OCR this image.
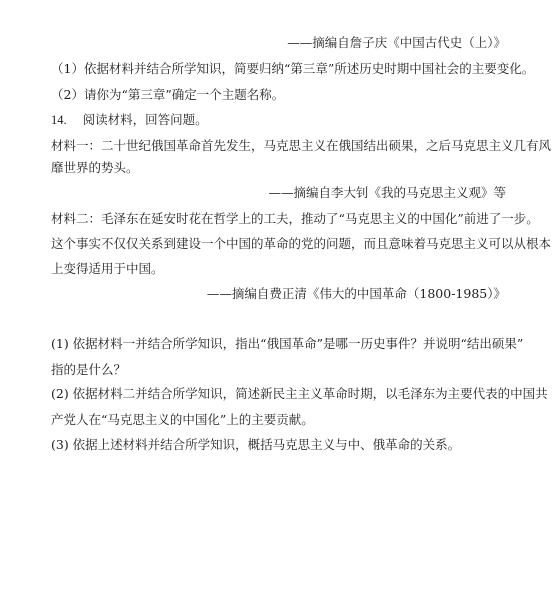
——摘编自詹子庆《中国古代史（上）》
（1）依据材料并结合所学知识，简要归纳“第三章”所述历史时期中国社会的主要变化。
（2）请你为“第三章”确定一个主题名称。
14. 阅读材料，回答问题。
材料一：二十世纪俄国革命首先发生，马克思主义在俄国结出硕果，之后马克思主义几有风
靡世界的势头。
——摘编自李大钊《我的马克思主义观》等
材料二：毛泽东在延安时花在哲学上的工夫，推动了“马克思主义的中国化”前进了一步。
这个事实不仅仅关系到建设一个中国的革命的党的问题，而且意味着马克思主义可以从根本
上变得适用于中国。
——摘编自费正清《伟大的中国革命（1800-1985）》
(1) 依据材料一并结合所学知识，指出“俄国革命”是哪一历史事件？并说明“结出硕果”
指的是什么？
(2) 依据材料二并结合所学知识，简述新民主主义革命时期，以毛泽东为主要代表的中国共
产党人在“马克思主义的中国化”上的主要贡献。
(3) 依据上述材料并结合所学知识，概括马克思主义与中、俄革命的关系。
